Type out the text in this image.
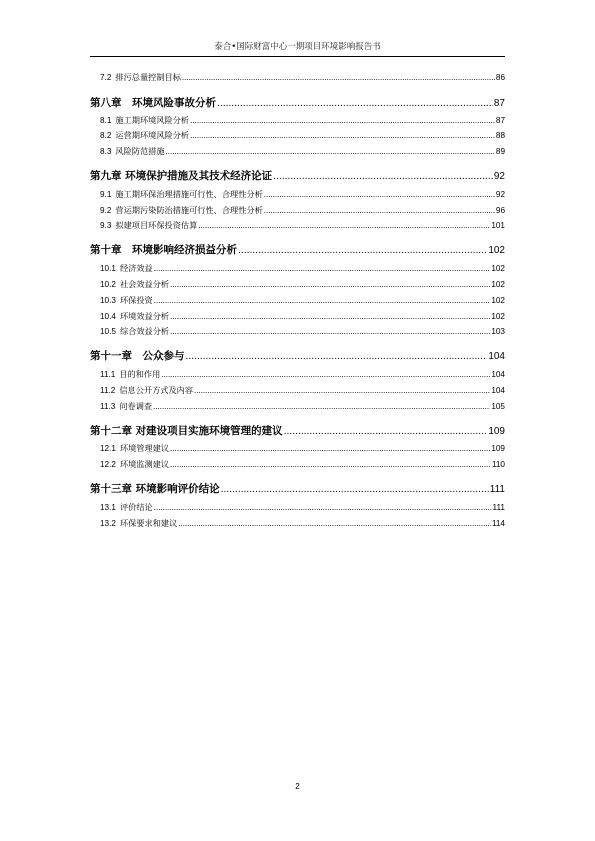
泰合•国际财富中心一期项目环境影响报告书
7.2 排污总量控制目标 .....	86
第八章　环境风险事故分析 .....	87
8.1 施工期环境风险分析 .....	87
8.2 运营期环境风险分析 .....	88
8.3 风险防范措施 .....	89
第九章 环境保护措施及其技术经济论证 .....	92
9.1 施工期环保治理措施可行性、合理性分析 .....	92
9.2 营运期污染防治措施可行性、合理性分析 .....	96
9.3 拟建项目环保投资估算 .....	101
第十章　环境影响经济损益分析 .....	102
10.1 经济效益 .....	102
10.2 社会效益分析 .....	102
10.3 环保投资 .....	102
10.4 环境效益分析 .....	102
10.5 综合效益分析 .....	103
第十一章　公众参与 .....	104
11.1 目的和作用 .....	104
11.2 信息公开方式及内容 .....	104
11.3 问卷调查 .....	105
第十二章 对建设项目实施环境管理的建议 .....	109
12.1 环境管理建议 .....	109
12.2 环境监测建议 .....	110
第十三章 环境影响评价结论 .....	111
13.1 评价结论 .....	111
13.2 环保要求和建议 .....	114
2
